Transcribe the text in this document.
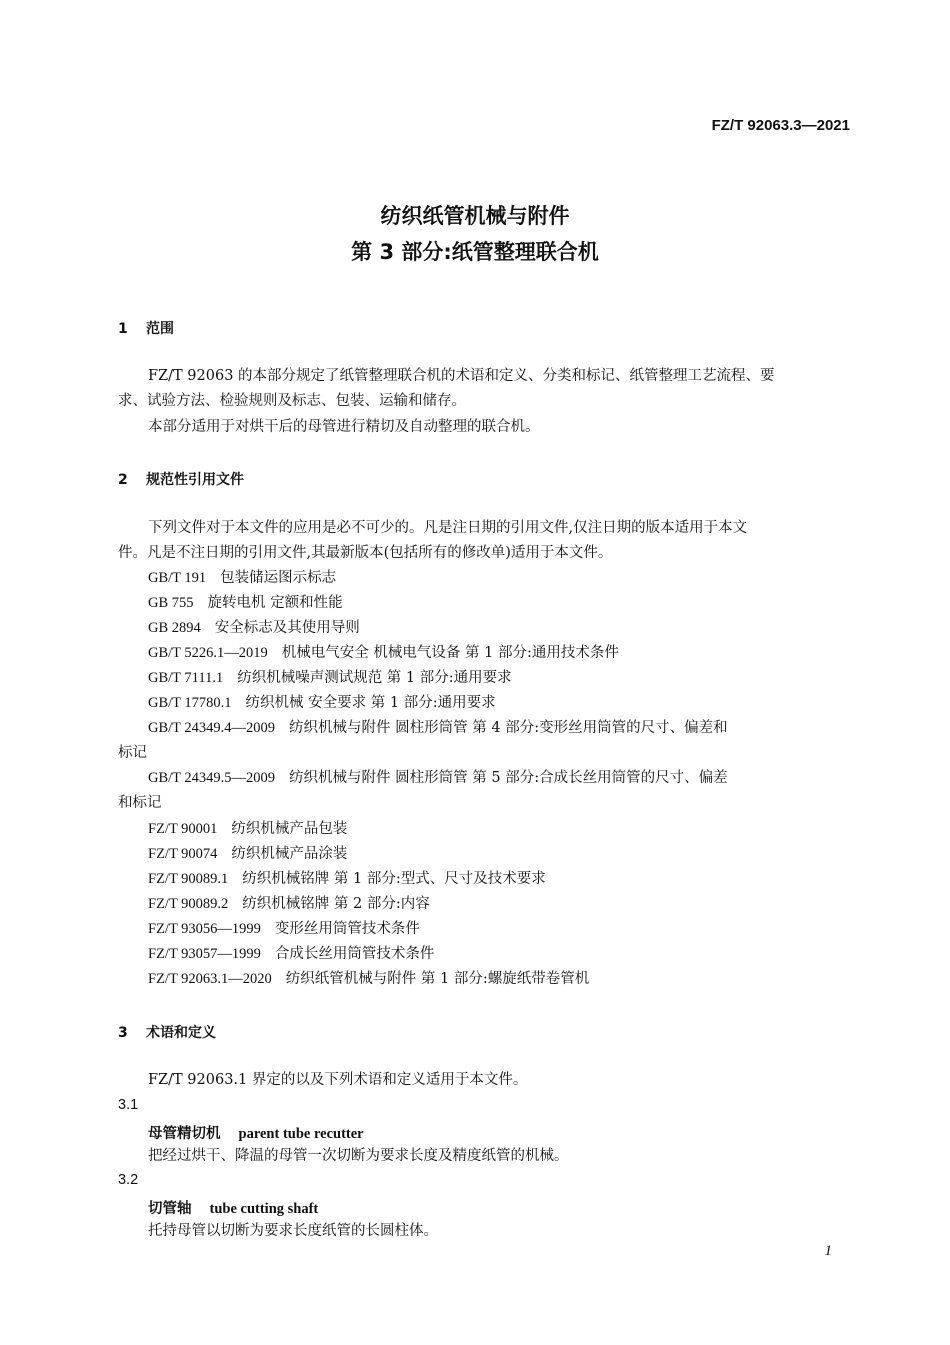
FZ/T 92063.3—2021
纺织纸管机械与附件
第 3 部分:纸管整理联合机
1 范围
FZ/T 92063 的本部分规定了纸管整理联合机的术语和定义、分类和标记、纸管整理工艺流程、要
求、试验方法、检验规则及标志、包装、运输和储存。
本部分适用于对烘干后的母管进行精切及自动整理的联合机。
2 规范性引用文件
下列文件对于本文件的应用是必不可少的。凡是注日期的引用文件,仅注日期的版本适用于本文
件。凡是不注日期的引用文件,其最新版本(包括所有的修改单)适用于本文件。
GB/T 191 包装储运图示标志
GB 755 旋转电机 定额和性能
GB 2894 安全标志及其使用导则
GB/T 5226.1—2019 机械电气安全 机械电气设备 第 1 部分:通用技术条件
GB/T 7111.1 纺织机械噪声测试规范 第 1 部分:通用要求
GB/T 17780.1 纺织机械 安全要求 第 1 部分:通用要求
GB/T 24349.4—2009 纺织机械与附件 圆柱形筒管 第 4 部分:变形丝用筒管的尺寸、偏差和
标记
GB/T 24349.5—2009 纺织机械与附件 圆柱形筒管 第 5 部分:合成长丝用筒管的尺寸、偏差
和标记
FZ/T 90001 纺织机械产品包装
FZ/T 90074 纺织机械产品涂装
FZ/T 90089.1 纺织机械铭牌 第 1 部分:型式、尺寸及技术要求
FZ/T 90089.2 纺织机械铭牌 第 2 部分:内容
FZ/T 93056—1999 变形丝用筒管技术条件
FZ/T 93057—1999 合成长丝用筒管技术条件
FZ/T 92063.1—2020 纺织纸管机械与附件 第 1 部分:螺旋纸带卷管机
3 术语和定义
FZ/T 92063.1 界定的以及下列术语和定义适用于本文件。
3.1
母管精切机 parent tube recutter
把经过烘干、降温的母管一次切断为要求长度及精度纸管的机械。
3.2
切管轴 tube cutting shaft
托持母管以切断为要求长度纸管的长圆柱体。
1
